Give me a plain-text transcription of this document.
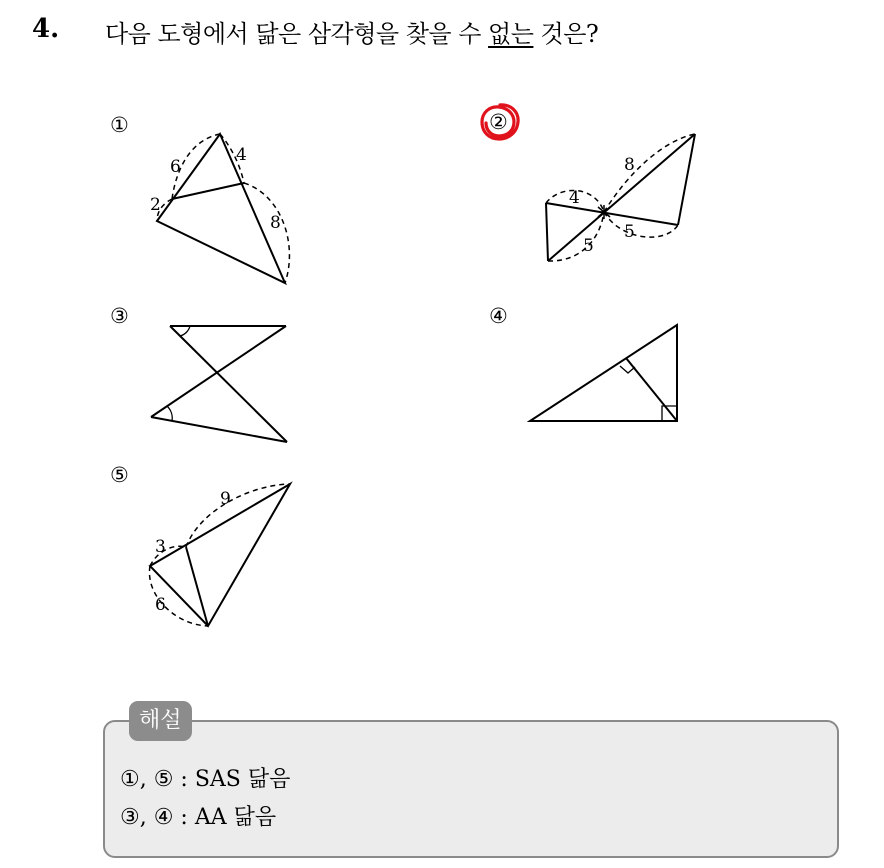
4. 다음 도형에서 닮은 삼각형을 찾을 수 없는 것은?
①	②
③	④
⑤
6
4
2
8
8
4
5
5
9
3
6
해설
①, ⑤ : SAS 닮음
③, ④ : AA 닮음
